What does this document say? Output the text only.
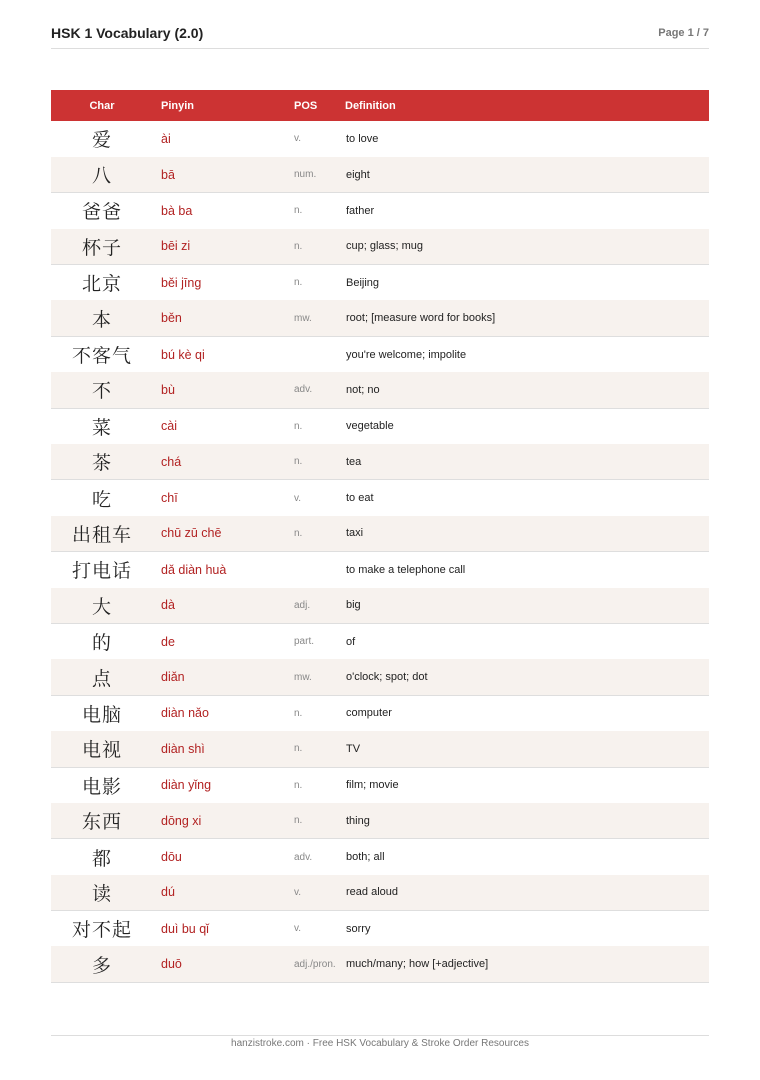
HSK 1 Vocabulary (2.0)	Page 1 / 7
Char	Pinyin	POS	Definition
爱	ài	v.	to love
八	bā	num.	eight
爸爸	bà ba	n.	father
杯子	bēi zi	n.	cup; glass; mug
北京	běi jīng	n.	Beijing
本	běn	mw.	root; [measure word for books]
不客气	bú kè qi		you're welcome; impolite
不	bù	adv.	not; no
菜	cài	n.	vegetable
茶	chá	n.	tea
吃	chī	v.	to eat
出租车	chū zū chē	n.	taxi
打电话	dǎ diàn huà		to make a telephone call
大	dà	adj.	big
的	de	part.	of
点	diǎn	mw.	o'clock; spot; dot
电脑	diàn nǎo	n.	computer
电视	diàn shì	n.	TV
电影	diàn yǐng	n.	film; movie
东西	dōng xi	n.	thing
都	dōu	adv.	both; all
读	dú	v.	read aloud
对不起	duì bu qǐ	v.	sorry
多	duō	adj./pron.	much/many; how [+adjective]
hanzistroke.com · Free HSK Vocabulary & Stroke Order Resources
